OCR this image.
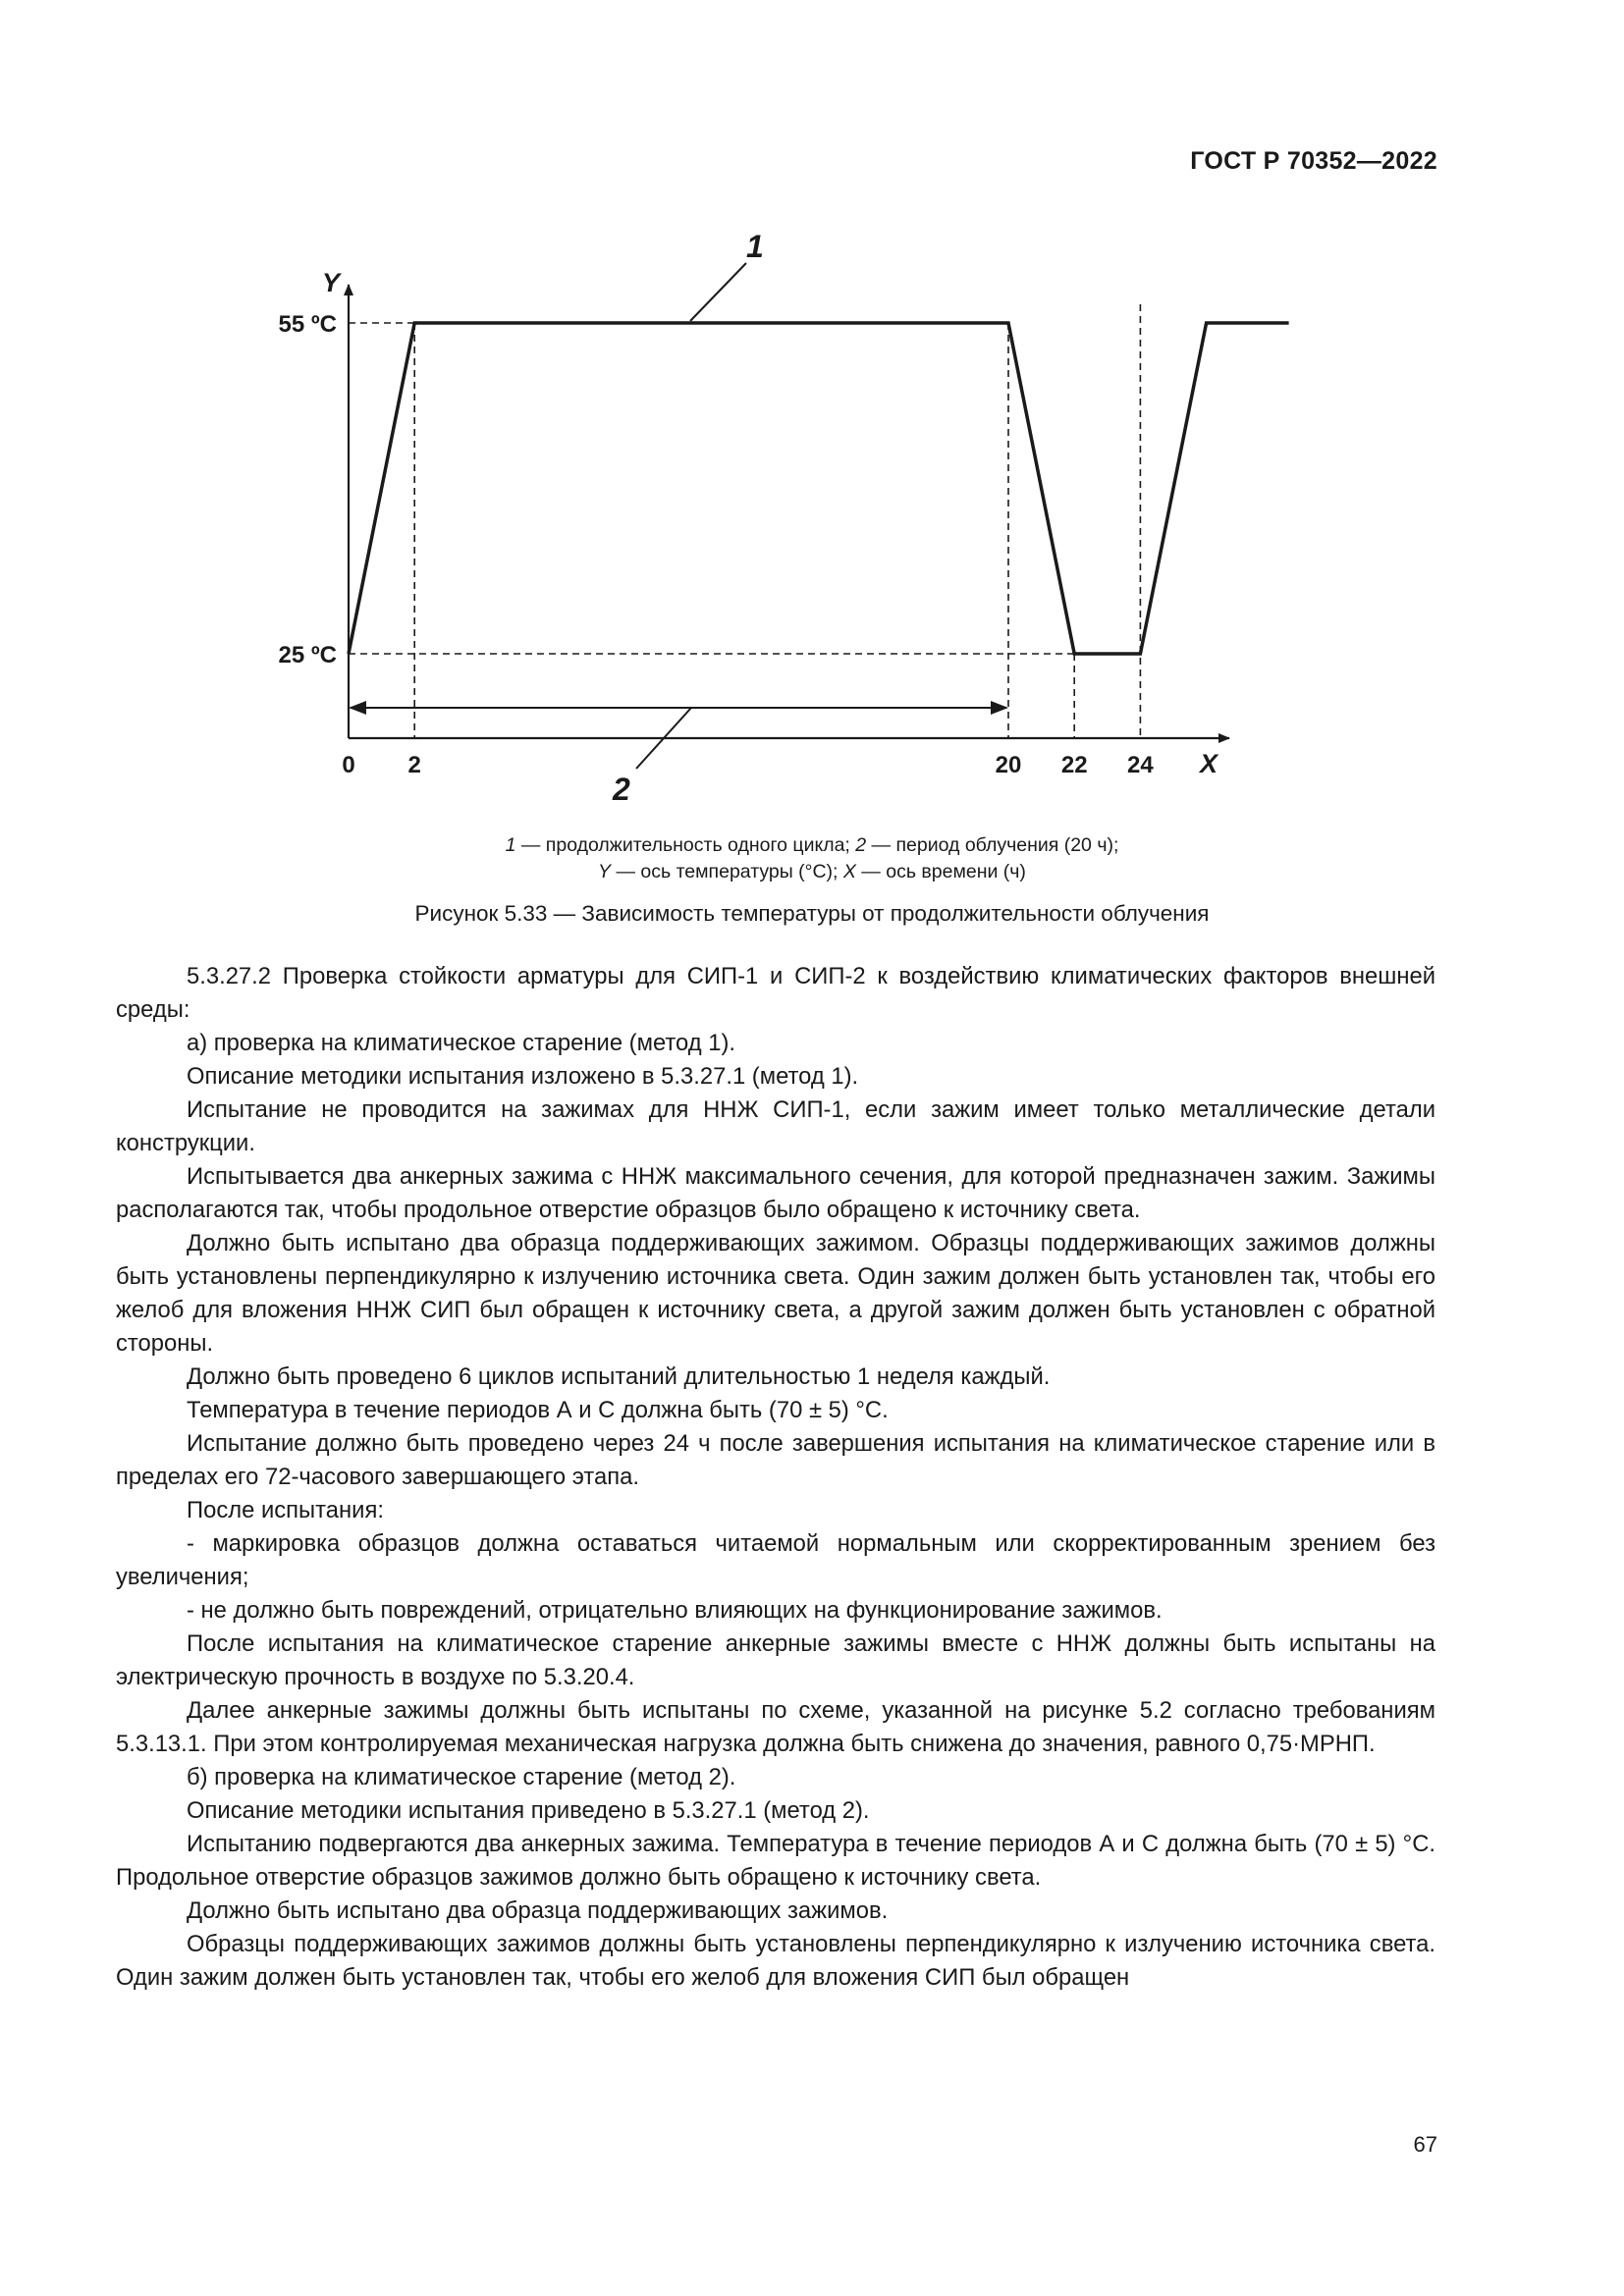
ГОСТ Р 70352—2022
Y
X
25 ºС
55 ºС
0 2	20 22 24
1
2
1 — продолжительность одного цикла; 2 — период облучения (20 ч);
Y — ось температуры (°C); X — ось времени (ч)
Рисунок 5.33 — Зависимость температуры от продолжительности облучения

5.3.27.2 Проверка стойкости арматуры для СИП-1 и СИП-2 к воздействию климатических факторов внешней среды:

а) проверка на климатическое старение (метод 1).

Описание методики испытания изложено в 5.3.27.1 (метод 1).

Испытание не проводится на зажимах для ННЖ СИП-1, если зажим имеет только металлические детали конструкции.

Испытывается два анкерных зажима с ННЖ максимального сечения, для которой предназначен зажим. Зажимы располагаются так, чтобы продольное отверстие образцов было обращено к источнику света.

Должно быть испытано два образца поддерживающих зажимом. Образцы поддерживающих зажимов должны быть установлены перпендикулярно к излучению источника света. Один зажим должен быть установлен так, чтобы его желоб для вложения ННЖ СИП был обращен к источнику света, а другой зажим должен быть установлен с обратной стороны.

Должно быть проведено 6 циклов испытаний длительностью 1 неделя каждый.

Температура в течение периодов А и С должна быть (70 ± 5) °С.

Испытание должно быть проведено через 24 ч после завершения испытания на климатическое старение или в пределах его 72-часового завершающего этапа.

После испытания:

- маркировка образцов должна оставаться читаемой нормальным или скорректированным зрением без увеличения;

- не должно быть повреждений, отрицательно влияющих на функционирование зажимов.

После испытания на климатическое старение анкерные зажимы вместе с ННЖ должны быть испытаны на электрическую прочность в воздухе по 5.3.20.4.

Далее анкерные зажимы должны быть испытаны по схеме, указанной на рисунке 5.2 согласно требованиям 5.3.13.1. При этом контролируемая механическая нагрузка должна быть снижена до значения, равного 0,75·МРНП.

б) проверка на климатическое старение (метод 2).

Описание методики испытания приведено в 5.3.27.1 (метод 2).

Испытанию подвергаются два анкерных зажима. Температура в течение периодов А и С должна быть (70 ± 5) °С. Продольное отверстие образцов зажимов должно быть обращено к источнику света.

Должно быть испытано два образца поддерживающих зажимов.

Образцы поддерживающих зажимов должны быть установлены перпендикулярно к излучению источника света. Один зажим должен быть установлен так, чтобы его желоб для вложения СИП был обращен

67
